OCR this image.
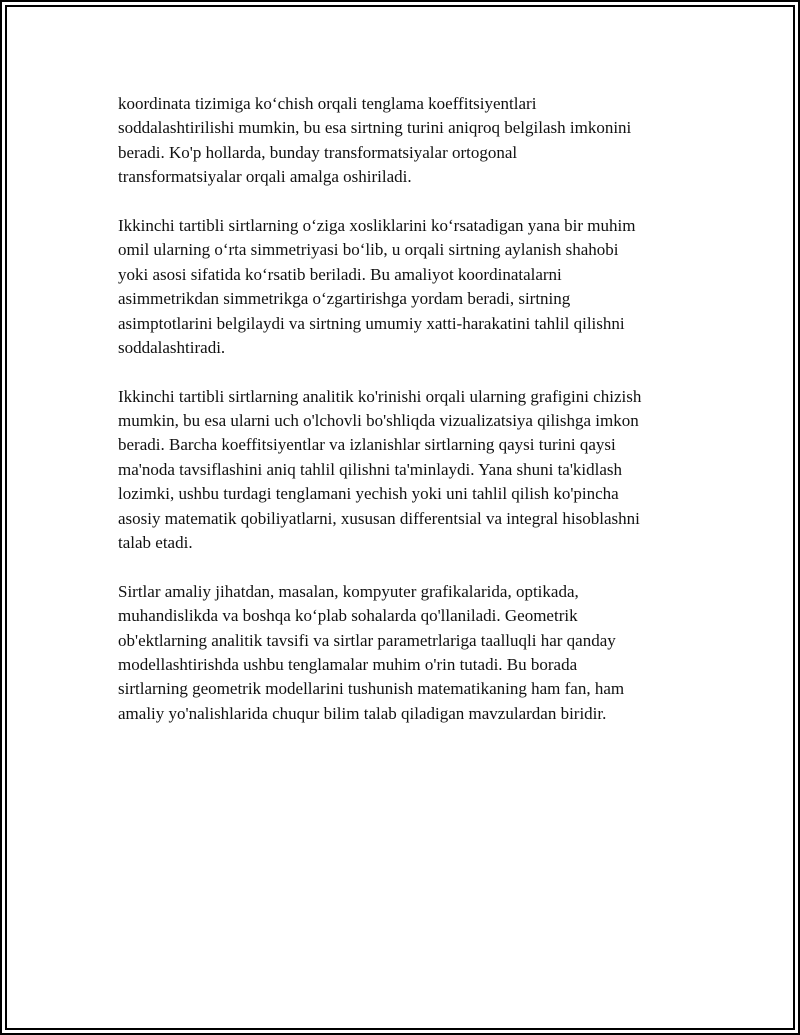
koordinata tizimiga ko‘chish orqali tenglama koeffitsiyentlari
soddalashtirilishi mumkin, bu esa sirtning turini aniqroq belgilash imkonini
beradi. Ko'p hollarda, bunday transformatsiyalar ortogonal
transformatsiyalar orqali amalga oshiriladi.

Ikkinchi tartibli sirtlarning o‘ziga xosliklarini ko‘rsatadigan yana bir muhim
omil ularning o‘rta simmetriyasi bo‘lib, u orqali sirtning aylanish shahobi
yoki asosi sifatida ko‘rsatib beriladi. Bu amaliyot koordinatalarni
asimmetrikdan simmetrikga o‘zgartirishga yordam beradi, sirtning
asimptotlarini belgilaydi va sirtning umumiy xatti-harakatini tahlil qilishni
soddalashtiradi.

Ikkinchi tartibli sirtlarning analitik ko'rinishi orqali ularning grafigini chizish
mumkin, bu esa ularni uch o'lchovli bo'shliqda vizualizatsiya qilishga imkon
beradi. Barcha koeffitsiyentlar va izlanishlar sirtlarning qaysi turini qaysi
ma'noda tavsiflashini aniq tahlil qilishni ta'minlaydi. Yana shuni ta'kidlash
lozimki, ushbu turdagi tenglamani yechish yoki uni tahlil qilish ko'pincha
asosiy matematik qobiliyatlarni, xususan differentsial va integral hisoblashni
talab etadi.

Sirtlar amaliy jihatdan, masalan, kompyuter grafikalarida, optikada,
muhandislikda va boshqa ko‘plab sohalarda qo'llaniladi. Geometrik
ob'ektlarning analitik tavsifi va sirtlar parametrlariga taalluqli har qanday
modellashtirishda ushbu tenglamalar muhim o'rin tutadi. Bu borada
sirtlarning geometrik modellarini tushunish matematikaning ham fan, ham
amaliy yo'nalishlarida chuqur bilim talab qiladigan mavzulardan biridir.
